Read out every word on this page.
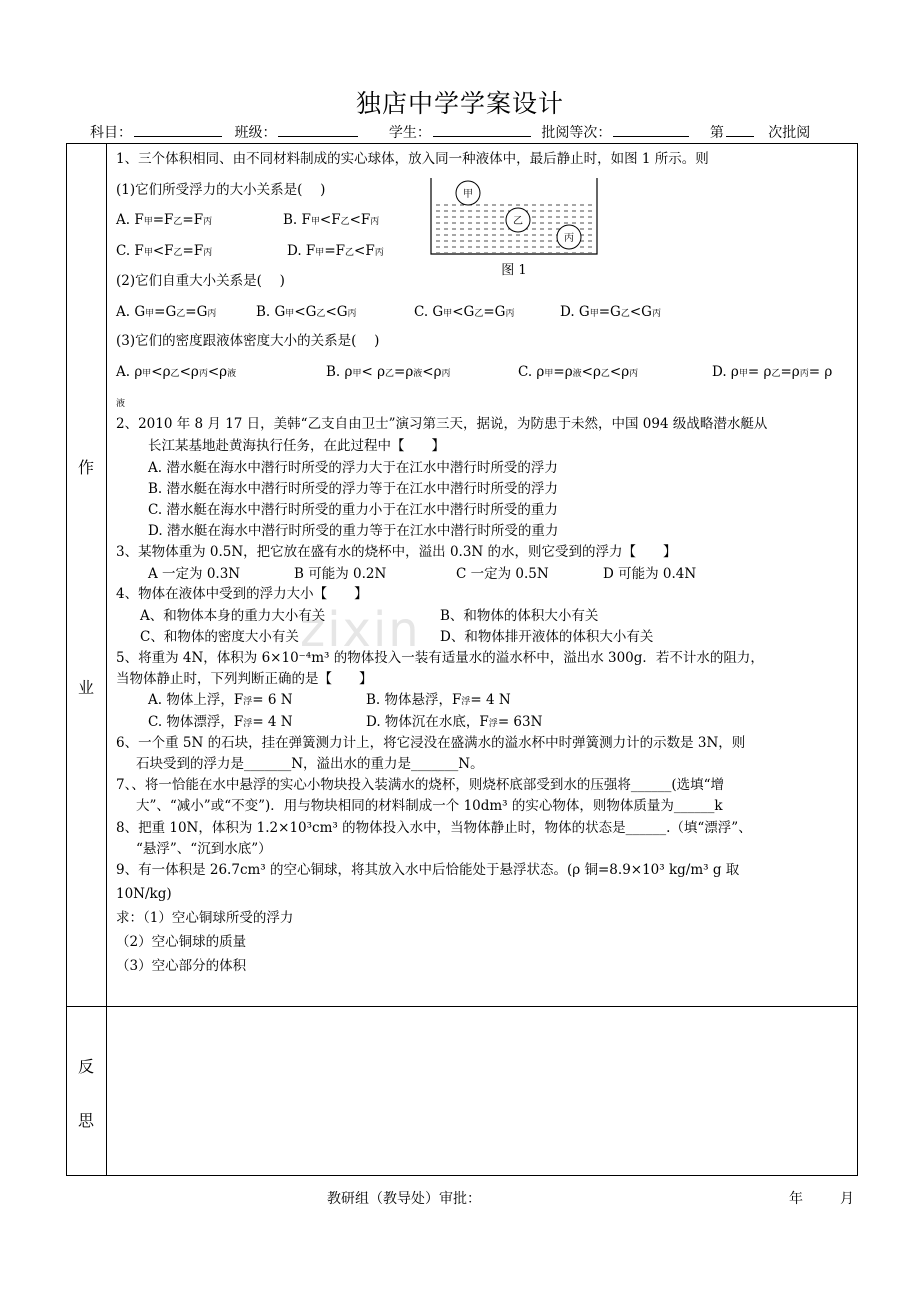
独店中学学案设计
科目：	班级：	学生：	批阅等次：	第	次批阅
作
业
反
思
zixin
1、三个体积相同、由不同材料制成的实心球体，放入同一种液体中，最后静止时，如图 1 所示。则
(1)它们所受浮力的大小关系是(　 )
A. F甲=F乙=F丙	B. F甲<F乙<F丙
C. F甲<F乙=F丙	D. F甲=F乙<F丙
甲
乙
丙
图 1
(2)它们自重大小关系是(　 )
A. G甲=G乙=G丙	B. G甲<G乙<G丙	C. G甲<G乙=G丙	D. G甲=G乙<G丙
(3)它们的密度跟液体密度大小的关系是(　 )
A. ρ甲<ρ乙<ρ丙<ρ液	B. ρ甲< ρ乙=ρ液<ρ丙	C. ρ甲=ρ液<ρ乙<ρ丙	D. ρ甲= ρ乙=ρ丙= ρ
液
2、2010 年 8 月 17 日，美韩“乙支自由卫士”演习第三天，据说，为防患于未然，中国 094 级战略潜水艇从
长江某基地赴黄海执行任务，在此过程中【　　】
A. 潜水艇在海水中潜行时所受的浮力大于在江水中潜行时所受的浮力
B. 潜水艇在海水中潜行时所受的浮力等于在江水中潜行时所受的浮力
C. 潜水艇在海水中潜行时所受的重力小于在江水中潜行时所受的重力
D. 潜水艇在海水中潜行时所受的重力等于在江水中潜行时所受的重力
3、某物体重为 0.5N，把它放在盛有水的烧杯中，溢出 0.3N 的水，则它受到的浮力【　　】
A 一定为 0.3N	B 可能为 0.2N	C 一定为 0.5N	D 可能为 0.4N
4、物体在液体中受到的浮力大小【　　】
A、和物体本身的重力大小有关	B、和物体的体积大小有关
C、和物体的密度大小有关	D、和物体排开液体的体积大小有关
5、将重为 4N，体积为 6×10⁻⁴m³ 的物体投入一装有适量水的溢水杯中，溢出水 300g．若不计水的阻力，
当物体静止时，下列判断正确的是【　　】
A. 物体上浮，F浮= 6 N	B. 物体悬浮，F浮= 4 N
C. 物体漂浮，F浮= 4 N	D. 物体沉在水底，F浮= 63N
6、一个重 5N 的石块，挂在弹簧测力计上，将它浸没在盛满水的溢水杯中时弹簧测力计的示数是 3N，则
石块受到的浮力是_______N，溢出水的重力是_______N。
7、、将一恰能在水中悬浮的实心小物块投入装满水的烧杯，则烧杯底部受到水的压强将______(选填“增
大”、“减小”或“不变”)．用与物块相同的材料制成一个 10dm³ 的实心物体，则物体质量为______k
8、把重 10N，体积为 1.2×10³cm³ 的物体投入水中，当物体静止时，物体的状态是______.（填“漂浮”、
“悬浮”、“沉到水底”）
9、有一体积是 26.7cm³ 的空心铜球，将其放入水中后恰能处于悬浮状态。(ρ 铜=8.9×10³ kg/m³ g 取
10N/kg)
求：（1）空心铜球所受的浮力
（2）空心铜球的质量
（3）空心部分的体积
教研组（教导处）审批：	年	月
